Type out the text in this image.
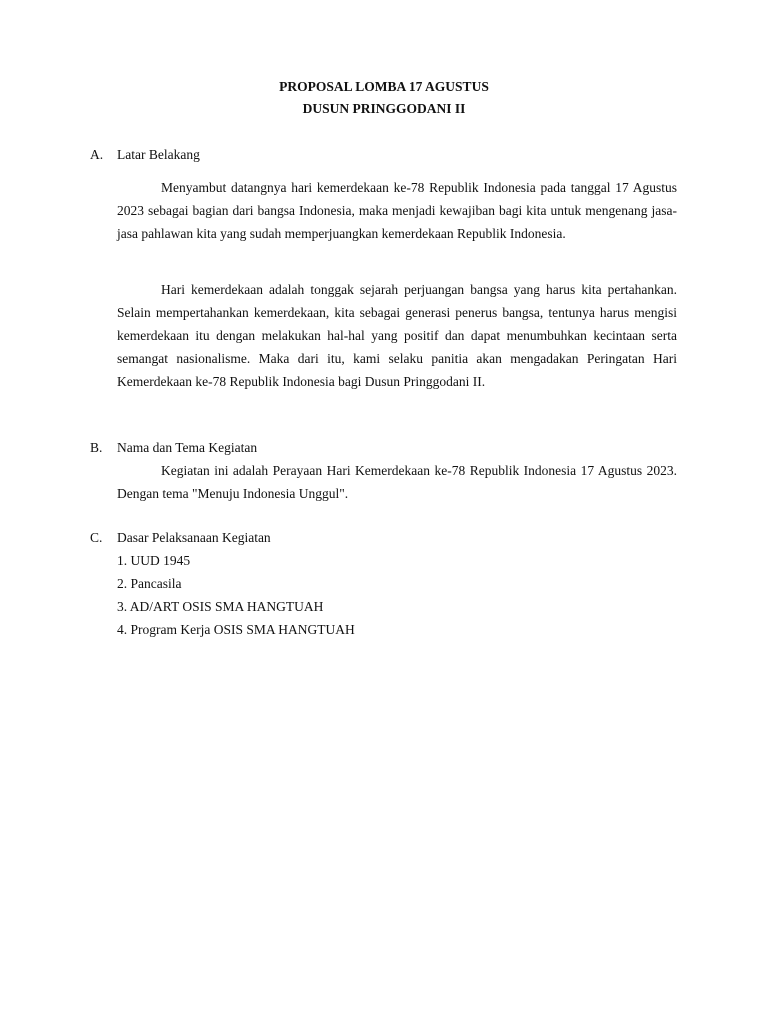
PROPOSAL LOMBA 17 AGUSTUS
DUSUN PRINGGODANI II
A. Latar Belakang
Menyambut datangnya hari kemerdekaan ke-78 Republik Indonesia pada tanggal 17 Agustus 2023 sebagai bagian dari bangsa Indonesia, maka menjadi kewajiban bagi kita untuk mengenang jasa-jasa pahlawan kita yang sudah memperjuangkan kemerdekaan Republik Indonesia.
Hari kemerdekaan adalah tonggak sejarah perjuangan bangsa yang harus kita pertahankan. Selain mempertahankan kemerdekaan, kita sebagai generasi penerus bangsa, tentunya harus mengisi kemerdekaan itu dengan melakukan hal-hal yang positif dan dapat menumbuhkan kecintaan serta semangat nasionalisme. Maka dari itu, kami selaku panitia akan mengadakan Peringatan Hari Kemerdekaan ke-78 Republik Indonesia bagi Dusun Pringgodani II.
B. Nama dan Tema Kegiatan
Kegiatan ini adalah Perayaan Hari Kemerdekaan ke-78 Republik Indonesia 17 Agustus 2023. Dengan tema "Menuju Indonesia Unggul".
C. Dasar Pelaksanaan Kegiatan
1. UUD 1945
2. Pancasila
3. AD/ART OSIS SMA HANGTUAH
4. Program Kerja OSIS SMA HANGTUAH
